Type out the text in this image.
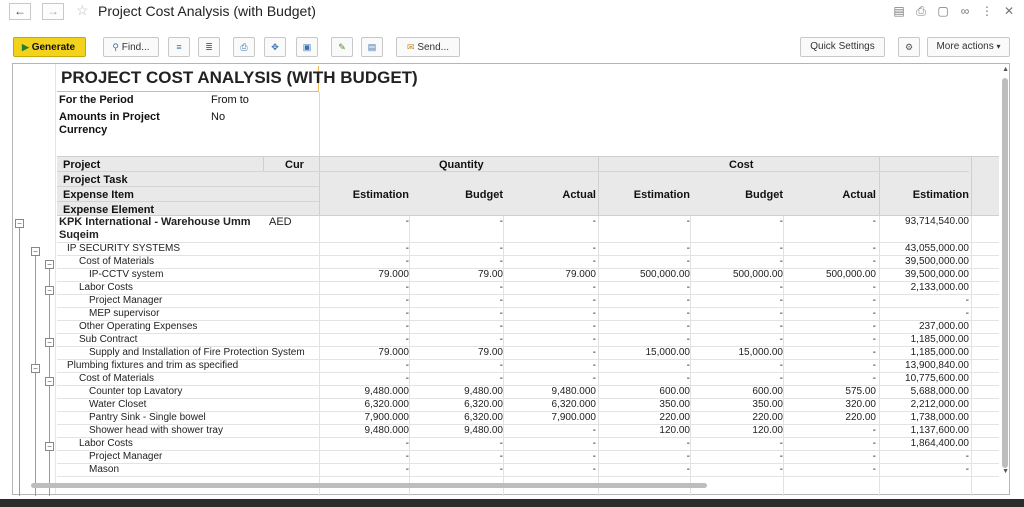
←	→	☆ Project Cost Analysis (with Budget)	▤ ⎙ ▢ ∞ ⋮ ✕
▶ Generate	⚲ Find...	≡	≣	⎙	✥	▣	✎	▤	✉ Send...	Quick Settings	⚙	More actions ▾
−
−
−
−
−
−
−
−
PROJECT COST ANALYSIS (WITH BUDGET)
For the Period	From to
Amounts in Project Currency
No
Project
Project Task
Expense Item
Expense Element
Cur	Quantity	Cost
Estimation	Budget	Actual	Estimation	Budget	Actual	Estimation
KPK International - Warehouse Umm
Suqeim
AED	-	-	-	-	-	-	93,714,540.00
IP SECURITY SYSTEMS	-	-	-	-	-	-	43,055,000.00
Cost of Materials	-	-	-	-	-	-	39,500,000.00
IP-CCTV system	79.000	79.00	79.000	500,000.00	500,000.00	500,000.00	39,500,000.00
Labor Costs	-	-	-	-	-	-	2,133,000.00
Project Manager	-	-	-	-	-	-	-
MEP supervisor	-	-	-	-	-	-	-
Other Operating Expenses	-	-	-	-	-	-	237,000.00
Sub Contract	-	-	-	-	-	-	1,185,000.00
Supply and Installation of Fire Protection System	79.000	79.00	-	15,000.00	15,000.00	-	1,185,000.00
Plumbing fixtures and trim as specified	-	-	-	-	-	-	13,900,840.00
Cost of Materials	-	-	-	-	-	-	10,775,600.00
Counter top Lavatory	9,480.000	9,480.00	9,480.000	600.00	600.00	575.00	5,688,000.00
Water Closet	6,320.000	6,320.00	6,320.000	350.00	350.00	320.00	2,212,000.00
Pantry Sink - Single bowel	7,900.000	6,320.00	7,900.000	220.00	220.00	220.00	1,738,000.00
Shower head with shower tray	9,480.000	9,480.00	-	120.00	120.00	-	1,137,600.00
Labor Costs	-	-	-	-	-	-	1,864,400.00
Project Manager	-	-	-	-	-	-	-
Mason	-	-	-	-	-	-	-
▲
▼
